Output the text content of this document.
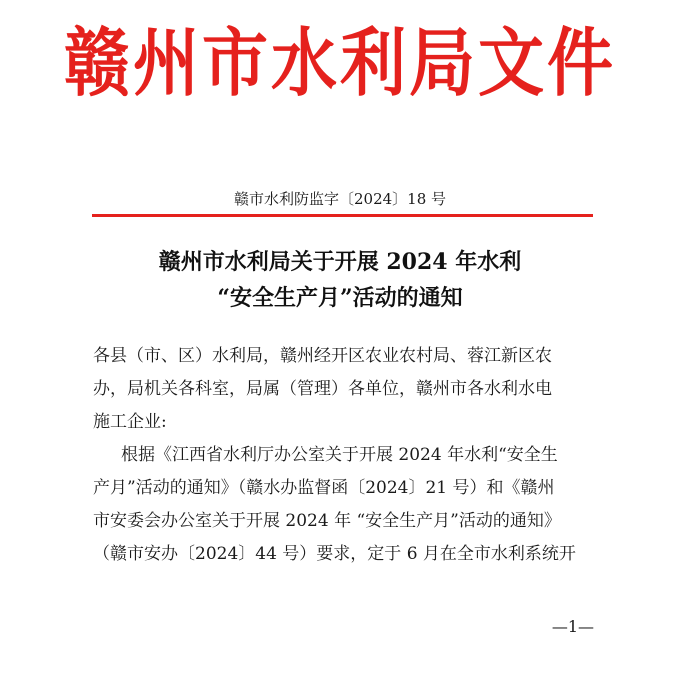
赣州市水利局文件
赣市水利防监字〔2024〕18 号
赣州市水利局关于开展 2024 年水利
“安全生产月”活动的通知

各县（市、区）水利局，赣州经开区农业农村局、蓉江新区农

办，局机关各科室，局属（管理）各单位，赣州市各水利水电

施工企业:

根据《江西省水利厅办公室关于开展 2024 年水利“安全生

产月”活动的通知》（赣水办监督函〔2024〕21 号）和《赣州

市安委会办公室关于开展 2024 年 “安全生产月”活动的通知》

（赣市安办〔2024〕44 号）要求，定于 6 月在全市水利系统开

—1—
